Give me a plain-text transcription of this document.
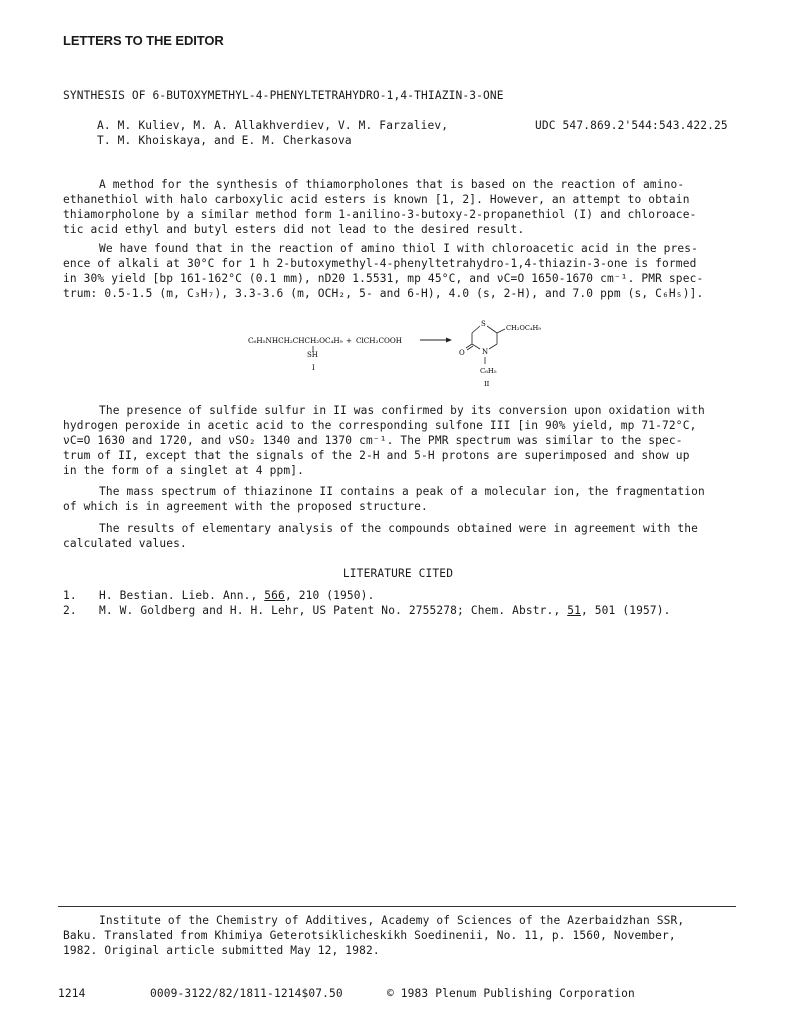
LETTERS TO THE EDITOR
SYNTHESIS OF 6-BUTOXYMETHYL-4-PHENYLTETRAHYDRO-1,4-THIAZIN-3-ONE
A. M. Kuliev, M. A. Allakhverdiev, V. M. Farzaliev,
T. M. Khoiskaya, and E. M. Cherkasova
UDC 547.869.2'544:543.422.25
A method for the synthesis of thiamorpholones that is based on the reaction of amino-
ethanethiol with halo carboxylic acid esters is known [1, 2]. However, an attempt to obtain
thiamorpholone by a similar method form 1-anilino-3-butoxy-2-propanethiol (I) and chloroace-
tic acid ethyl and butyl esters did not lead to the desired result.
We have found that in the reaction of amino thiol I with chloroacetic acid in the pres-
ence of alkali at 30°C for 1 h 2-butoxymethyl-4-phenyltetrahydro-1,4-thiazin-3-one is formed
in 30% yield [bp 161-162°C (0.1 mm), nD20 1.5531, mp 45°C, and νC=O 1650-1670 cm⁻¹. PMR spec-
trum: 0.5-1.5 (m, C₃H₇), 3.3-3.6 (m, OCH₂, 5- and 6-H), 4.0 (s, 2-H), and 7.0 ppm (s, C₆H₅)].
C₆H₅NHCH₂CHCH₂OC₄H₉
SH
I
+ ClCH₂COOH
S
N
O
CH₂OC₄H₉
C₆H₅
II
The presence of sulfide sulfur in II was confirmed by its conversion upon oxidation with
hydrogen peroxide in acetic acid to the corresponding sulfone III [in 90% yield, mp 71-72°C,
νC=O 1630 and 1720, and νSO₂ 1340 and 1370 cm⁻¹. The PMR spectrum was similar to the spec-
trum of II, except that the signals of the 2-H and 5-H protons are superimposed and show up
in the form of a singlet at 4 ppm].
The mass spectrum of thiazinone II contains a peak of a molecular ion, the fragmentation
of which is in agreement with the proposed structure.
The results of elementary analysis of the compounds obtained were in agreement with the
calculated values.
LITERATURE CITED
1.	H. Bestian. Lieb. Ann., 566 , 210 (1950).
2.	M. W. Goldberg and H. H. Lehr, US Patent No. 2755278; Chem. Abstr., 51 , 501 (1957).
Institute of the Chemistry of Additives, Academy of Sciences of the Azerbaidzhan SSR,
Baku. Translated from Khimiya Geterotsiklicheskikh Soedinenii, No. 11, p. 1560, November,
1982. Original article submitted May 12, 1982.
1214	0009-3122/82/1811-1214$07.50	© 1983 Plenum Publishing Corporation
